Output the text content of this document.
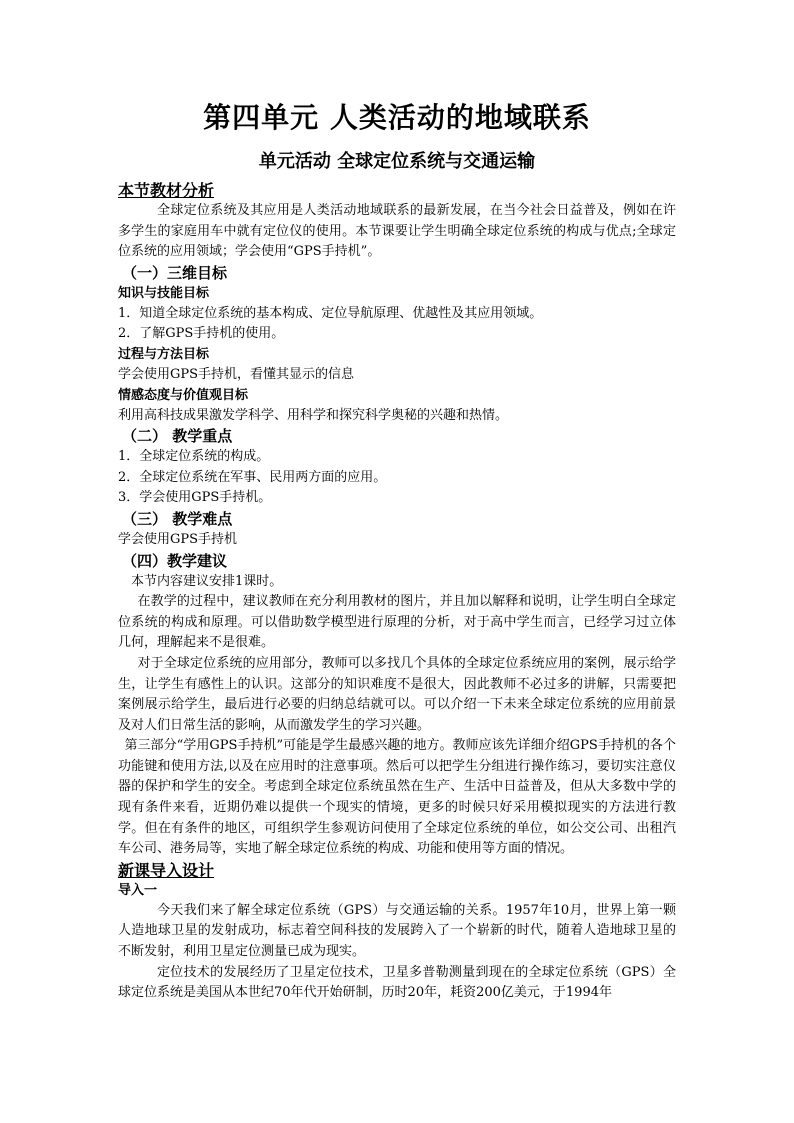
第四单元 人类活动的地域联系
单元活动 全球定位系统与交通运输
本节教材分析

全球定位系统及其应用是人类活动地域联系的最新发展，在当今社会日益普及，例如在许多学生的家庭用车中就有定位仪的使用。本节课要让学生明确全球定位系统的构成与优点;全球定位系统的应用领域；学会使用“GPS手持机”。

（一）三维目标
知识与技能目标

1．知道全球定位系统的基本构成、定位导航原理、优越性及其应用领域。

2．了解GPS手持机的使用。

过程与方法目标

学会使用GPS手持机，看懂其显示的信息

情感态度与价值观目标

利用高科技成果激发学科学、用科学和探究科学奥秘的兴趣和热情。

（二） 教学重点

1．全球定位系统的构成。

2．全球定位系统在军事、民用两方面的应用。

3．学会使用GPS手持机。

（三） 教学难点

学会使用GPS手持机

（四）教学建议

本节内容建议安排1课时。

在教学的过程中，建议教师在充分利用教材的图片，并且加以解释和说明，让学生明白全球定位系统的构成和原理。可以借助数学模型进行原理的分析，对于高中学生而言，已经学习过立体几何，理解起来不是很难。

对于全球定位系统的应用部分，教师可以多找几个具体的全球定位系统应用的案例，展示给学生，让学生有感性上的认识。这部分的知识难度不是很大，因此教师不必过多的讲解，只需要把案例展示给学生，最后进行必要的归纳总结就可以。可以介绍一下未来全球定位系统的应用前景及对人们日常生活的影响，从而激发学生的学习兴趣。

第三部分“学用GPS手持机”可能是学生最感兴趣的地方。教师应该先详细介绍GPS手持机的各个功能键和使用方法,以及在应用时的注意事项。然后可以把学生分组进行操作练习，要切实注意仪器的保护和学生的安全。考虑到全球定位系统虽然在生产、生活中日益普及，但从大多数中学的现有条件来看，近期仍难以提供一个现实的情境，更多的时候只好采用模拟现实的方法进行教学。但在有条件的地区，可组织学生参观访问使用了全球定位系统的单位，如公交公司、出租汽车公司、港务局等，实地了解全球定位系统的构成、功能和使用等方面的情况。

新课导入设计
导入一

今天我们来了解全球定位系统（GPS）与交通运输的关系。1957年10月，世界上第一颗人造地球卫星的发射成功，标志着空间科技的发展跨入了一个崭新的时代，随着人造地球卫星的不断发射，利用卫星定位测量已成为现实。

定位技术的发展经历了卫星定位技术，卫星多普勒测量到现在的全球定位系统（GPS）全球定位系统是美国从本世纪70年代开始研制，历时20年，耗资200亿美元，于1994年
